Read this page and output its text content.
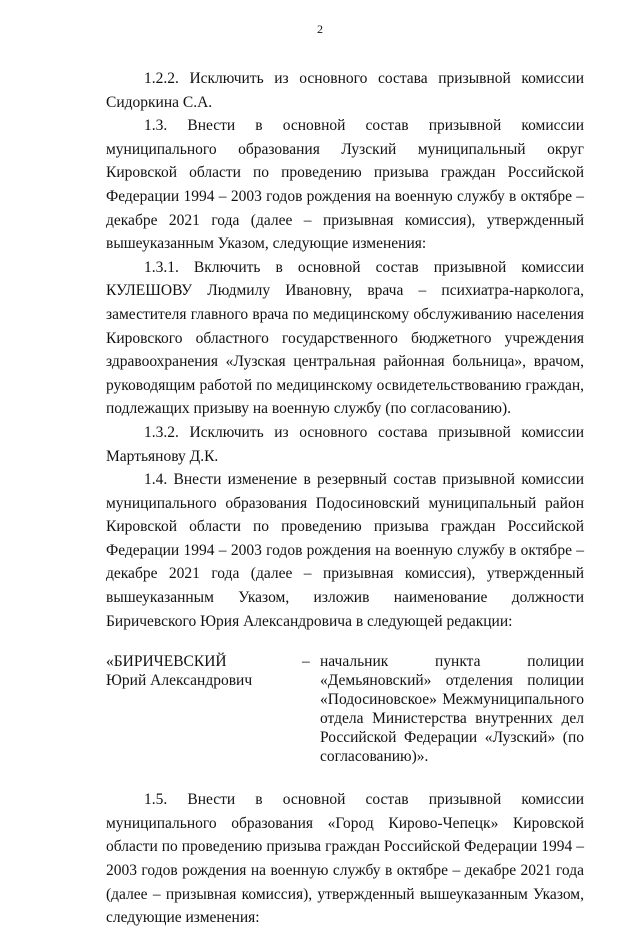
2

1.2.2. Исключить из основного состава призывной комиссии Сидоркина С.А.

1.3. Внести в основной состав призывной комиссии муниципального образования Лузский муниципальный округ Кировской области по проведению призыва граждан Российской Федерации 1994 – 2003 годов рождения на военную службу в октябре – декабре 2021 года (далее – призывная комиссия), утвержденный вышеуказанным Указом, следующие изменения:

1.3.1. Включить в основной состав призывной комиссии КУЛЕШОВУ Людмилу Ивановну, врача – психиатра-нарколога, заместителя главного врача по медицинскому обслуживанию населения Кировского областного государственного бюджетного учреждения здравоохранения «Лузская центральная районная больница», врачом, руководящим работой по медицинскому освидетельствованию граждан, подлежащих призыву на военную службу (по согласованию).

1.3.2. Исключить из основного состава призывной комиссии Мартьянову Д.К.

1.4. Внести изменение в резервный состав призывной комиссии муниципального образования Подосиновский муниципальный район Кировской области по проведению призыва граждан Российской Федерации 1994 – 2003 годов рождения на военную службу в октябре – декабре 2021 года (далее – призывная комиссия), утвержденный вышеуказанным Указом, изложив наименование должности Биричевского Юрия Александровича в следующей редакции:

«БИРИЧЕВСКИЙ
Юрий Александрович
– начальник пункта полиции «Демьяновский» отделения полиции «Подосиновское» Межмуниципального отдела Министерства внутренних дел Российской Федерации «Лузский» (по согласованию)».

1.5. Внести в основной состав призывной комиссии муниципального образования «Город Кирово-Чепецк» Кировской области по проведению призыва граждан Российской Федерации 1994 – 2003 годов рождения на военную службу в октябре – декабре 2021 года (далее – призывная комиссия), утвержденный вышеуказанным Указом, следующие изменения:
